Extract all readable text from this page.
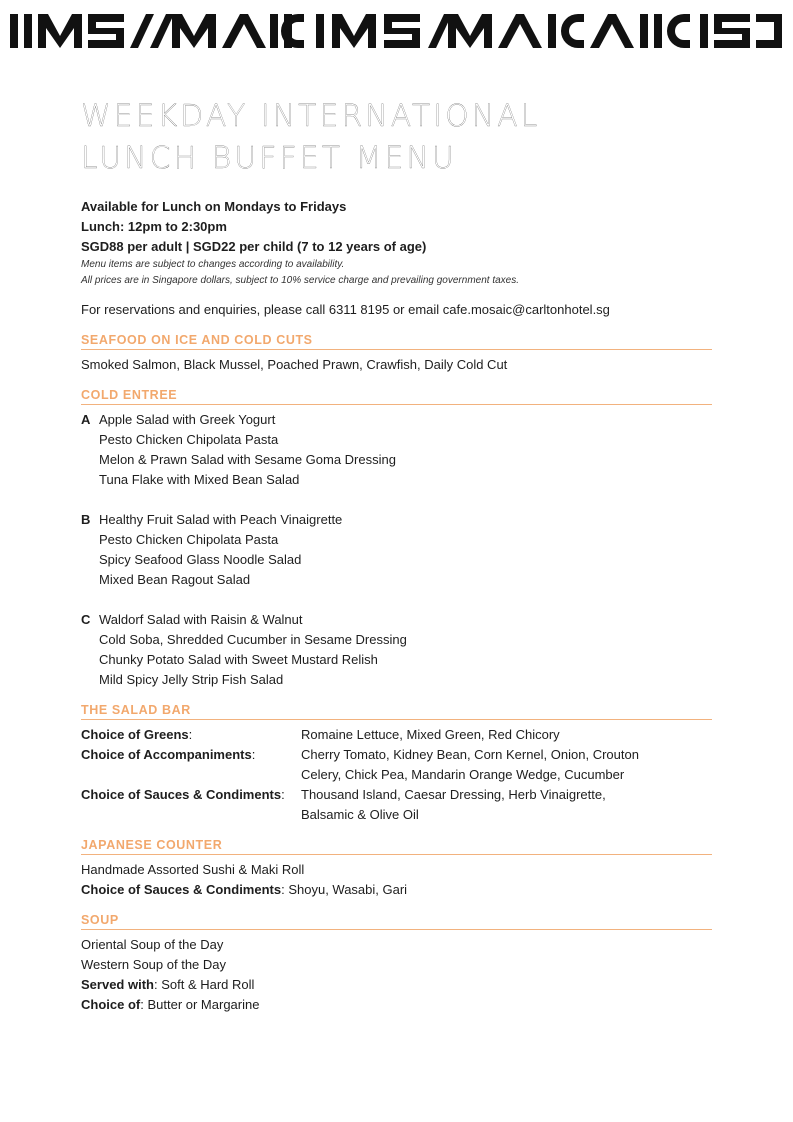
WEEKDAY INTERNATIONAL
LUNCH BUFFET MENU
Available for Lunch on Mondays to Fridays
Lunch: 12pm to 2:30pm
SGD88 per adult | SGD22 per child (7 to 12 years of age)
Menu items are subject to changes according to availability.
All prices are in Singapore dollars, subject to 10% service charge and prevailing government taxes.
For reservations and enquiries, please call 6311 8195 or email cafe.mosaic@carltonhotel.sg
SEAFOOD ON ICE AND COLD CUTS
Smoked Salmon, Black Mussel, Poached Prawn, Crawfish, Daily Cold Cut
COLD ENTREE
A Apple Salad with Greek Yogurt
Pesto Chicken Chipolata Pasta
Melon & Prawn Salad with Sesame Goma Dressing
Tuna Flake with Mixed Bean Salad
B Healthy Fruit Salad with Peach Vinaigrette
Pesto Chicken Chipolata Pasta
Spicy Seafood Glass Noodle Salad
Mixed Bean Ragout Salad
C Waldorf Salad with Raisin & Walnut
Cold Soba, Shredded Cucumber in Sesame Dressing
Chunky Potato Salad with Sweet Mustard Relish
Mild Spicy Jelly Strip Fish Salad
THE SALAD BAR
Choice of Greens:	Romaine Lettuce, Mixed Green, Red Chicory
Choice of Accompaniments:	Cherry Tomato, Kidney Bean, Corn Kernel, Onion, Crouton
Celery, Chick Pea, Mandarin Orange Wedge, Cucumber
Choice of Sauces & Condiments:	Thousand Island, Caesar Dressing, Herb Vinaigrette,
Balsamic & Olive Oil
JAPANESE COUNTER
Handmade Assorted Sushi & Maki Roll
Choice of Sauces & Condiments: Shoyu, Wasabi, Gari
SOUP
Oriental Soup of the Day
Western Soup of the Day
Served with: Soft & Hard Roll
Choice of: Butter or Margarine
